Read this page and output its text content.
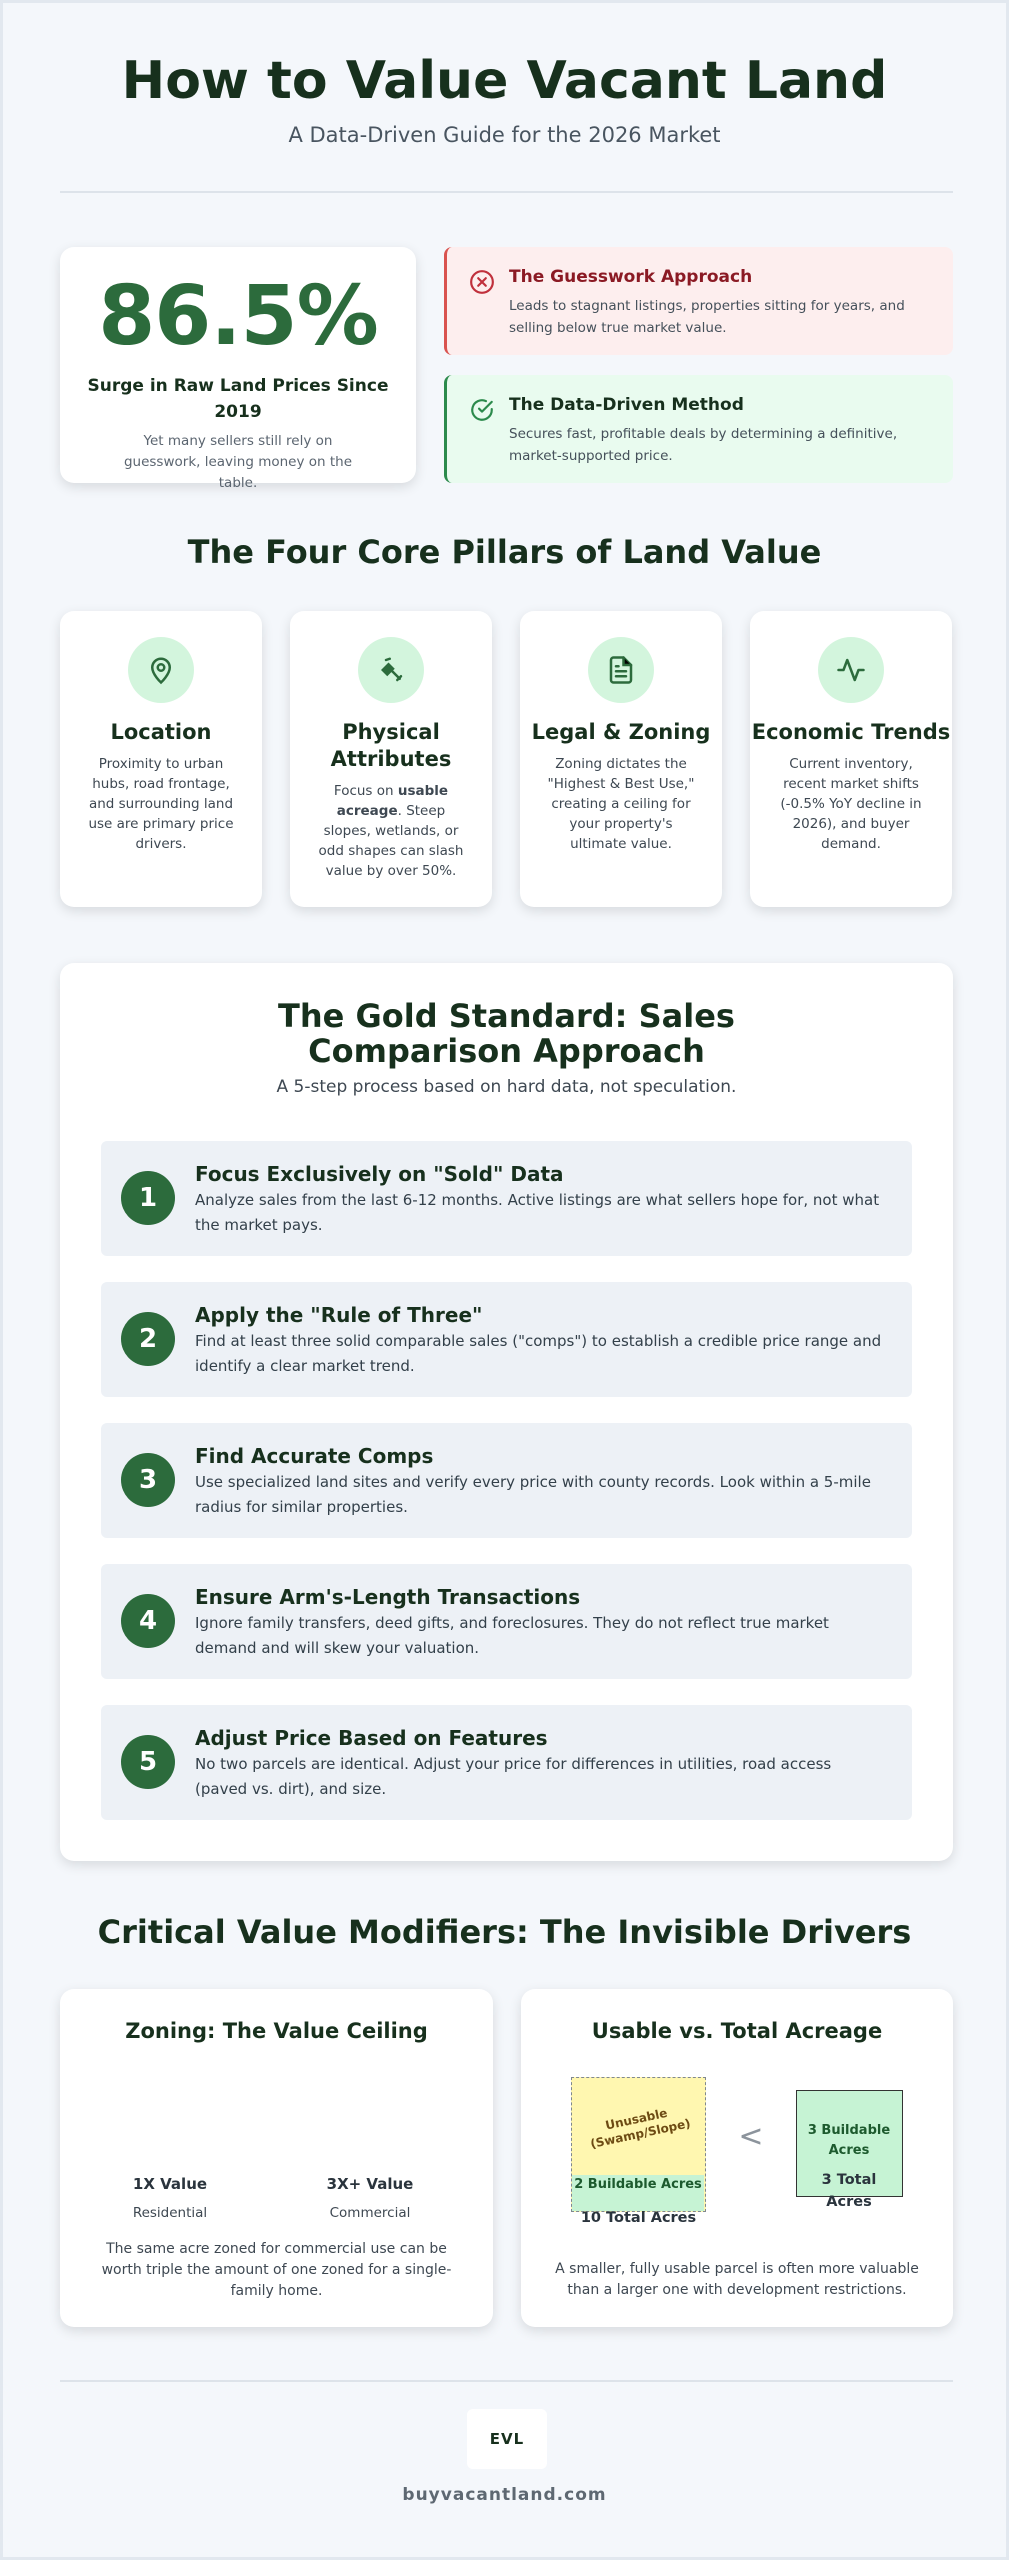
How to Value Vacant Land
A Data-Driven Guide for the 2026 Market
86.5%
Surge in Raw Land Prices Since 2019
Yet many sellers still rely on guesswork, leaving money on the table.
The Guesswork Approach
Leads to stagnant listings, properties sitting for years, and selling below true market value.
The Data-Driven Method
Secures fast, profitable deals by determining a definitive, market-supported price.
The Four Core Pillars of Land Value
Location
Proximity to urban hubs, road frontage, and surrounding land use are primary price drivers.
Physical Attributes
Focus on usable acreage. Steep slopes, wetlands, or odd shapes can slash value by over 50%.
Legal & Zoning
Zoning dictates the "Highest & Best Use," creating a ceiling for your property's ultimate value.
Economic Trends
Current inventory, recent market shifts (-0.5% YoY decline in 2026), and buyer demand.
The Gold Standard: Sales Comparison Approach
A 5-step process based on hard data, not speculation.
1
Focus Exclusively on "Sold" Data
Analyze sales from the last 6-12 months. Active listings are what sellers hope for, not what the market pays.
2
Apply the "Rule of Three"
Find at least three solid comparable sales ("comps") to establish a credible price range and identify a clear market trend.
3
Find Accurate Comps
Use specialized land sites and verify every price with county records. Look within a 5-mile radius for similar properties.
4
Ensure Arm's-Length Transactions
Ignore family transfers, deed gifts, and foreclosures. They do not reflect true market demand and will skew your valuation.
5
Adjust Price Based on Features
No two parcels are identical. Adjust your price for differences in utilities, road access (paved vs. dirt), and size.
Critical Value Modifiers: The Invisible Drivers
Zoning: The Value Ceiling
1X Value
Residential
3X+ Value
Commercial
The same acre zoned for commercial use can be worth triple the amount of one zoned for a single-family home.
Usable vs. Total Acreage
Unusable (Swamp/Slope)
2 Buildable Acres
10 Total Acres
<	3 Buildable Acres
3 Total Acres
A smaller, fully usable parcel is often more valuable than a larger one with development restrictions.
EVL
buyvacantland.com
